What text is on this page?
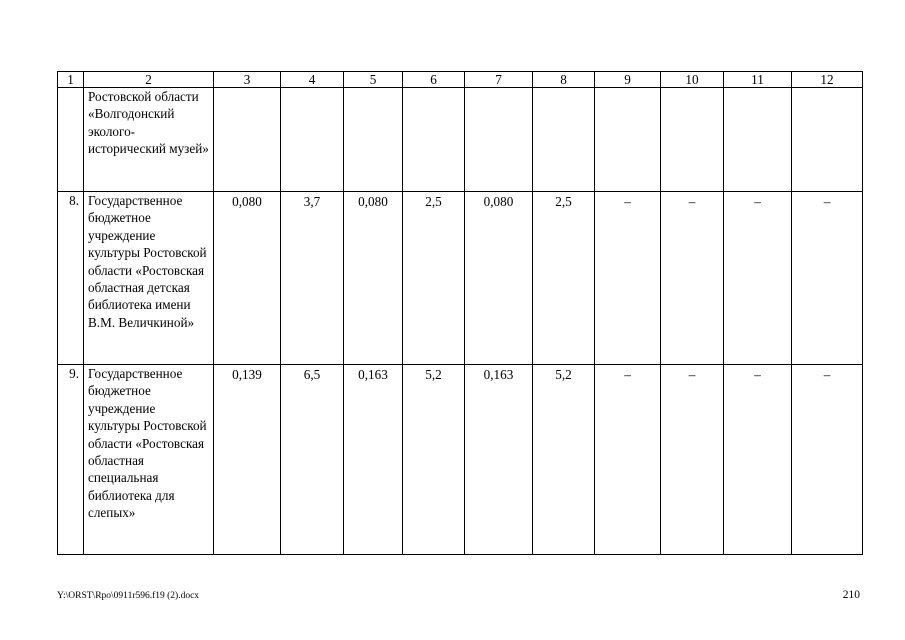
1	2	3	4	5	6	7	8	9	10	11	12
	Ростовской области «Волгодонский эколого-исторический музей»										
8.	Государственное бюджетное учреждение культуры Ростовской области «Ростовская областная детская библиотека имени В.М. Величкиной»	0,080	3,7	0,080	2,5	0,080	2,5	–	–	–	–
9.	Государственное бюджетное учреждение культуры Ростовской области «Ростовская областная специальная библиотека для слепых»	0,139	6,5	0,163	5,2	0,163	5,2	–	–	–	–
Y:\ORST\Rpo\0911r596.f19 (2).docx	210
